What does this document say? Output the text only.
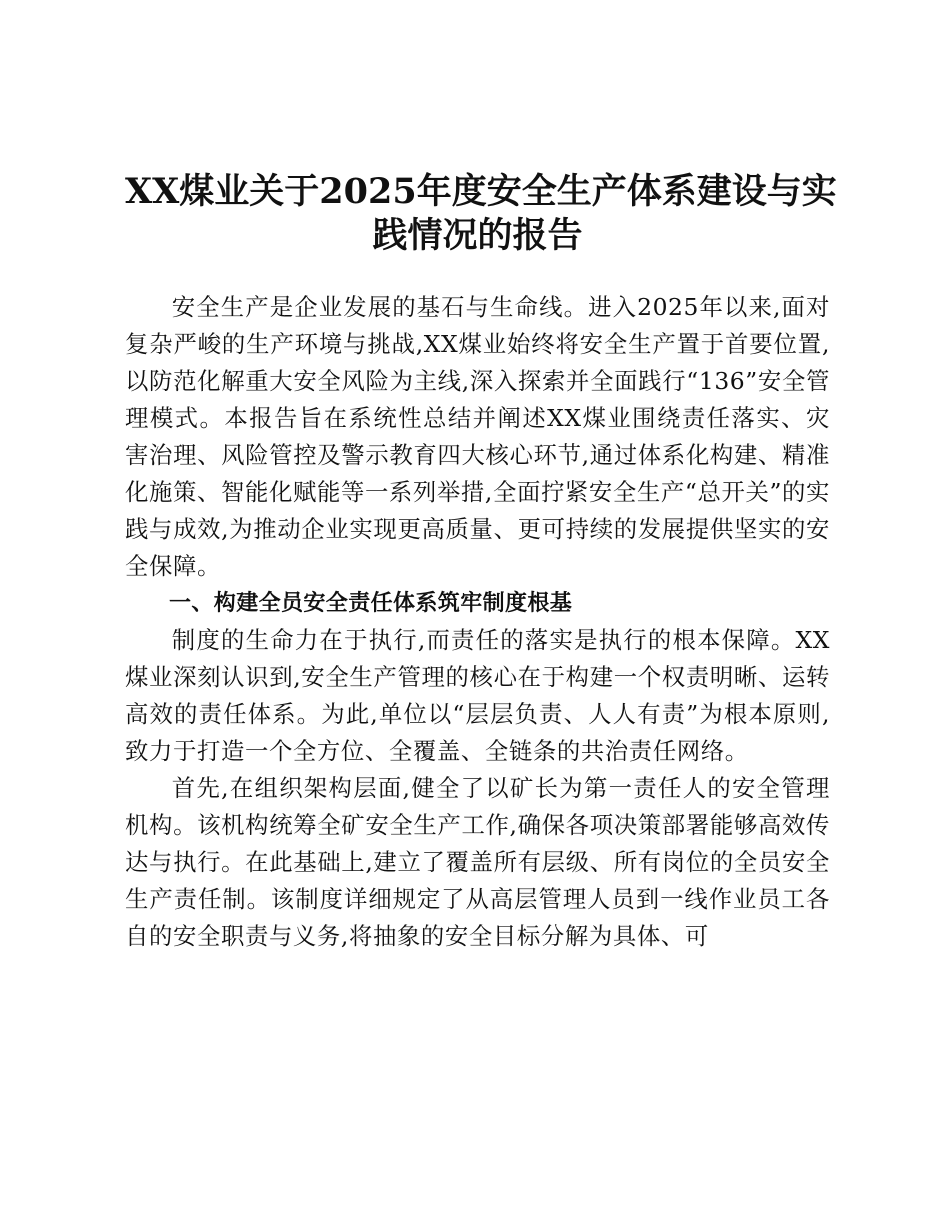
XX煤业关于2025年度安全生产体系建设与实
践情况的报告

安全生产是企业发展的基石与生命线。进入2025年以来,面对复杂严峻的生产环境与挑战,XX煤业始终将安全生产置于首要位置,以防范化解重大安全风险为主线,深入探索并全面践行“136”安全管理模式。本报告旨在系统性总结并阐述XX煤业围绕责任落实、灾害治理、风险管控及警示教育四大核心环节,通过体系化构建、精准化施策、智能化赋能等一系列举措,全面拧紧安全生产“总开关”的实践与成效,为推动企业实现更高质量、更可持续的发展提供坚实的安全保障。

一、构建全员安全责任体系筑牢制度根基

制度的生命力在于执行,而责任的落实是执行的根本保障。XX煤业深刻认识到,安全生产管理的核心在于构建一个权责明晰、运转高效的责任体系。为此,单位以“层层负责、人人有责”为根本原则,致力于打造一个全方位、全覆盖、全链条的共治责任网络。

首先,在组织架构层面,健全了以矿长为第一责任人的安全管理机构。该机构统筹全矿安全生产工作,确保各项决策部署能够高效传达与执行。在此基础上,建立了覆盖所有层级、所有岗位的全员安全生产责任制。该制度详细规定了从高层管理人员到一线作业员工各自的安全职责与义务,将抽象的安全目标分解为具体、可
